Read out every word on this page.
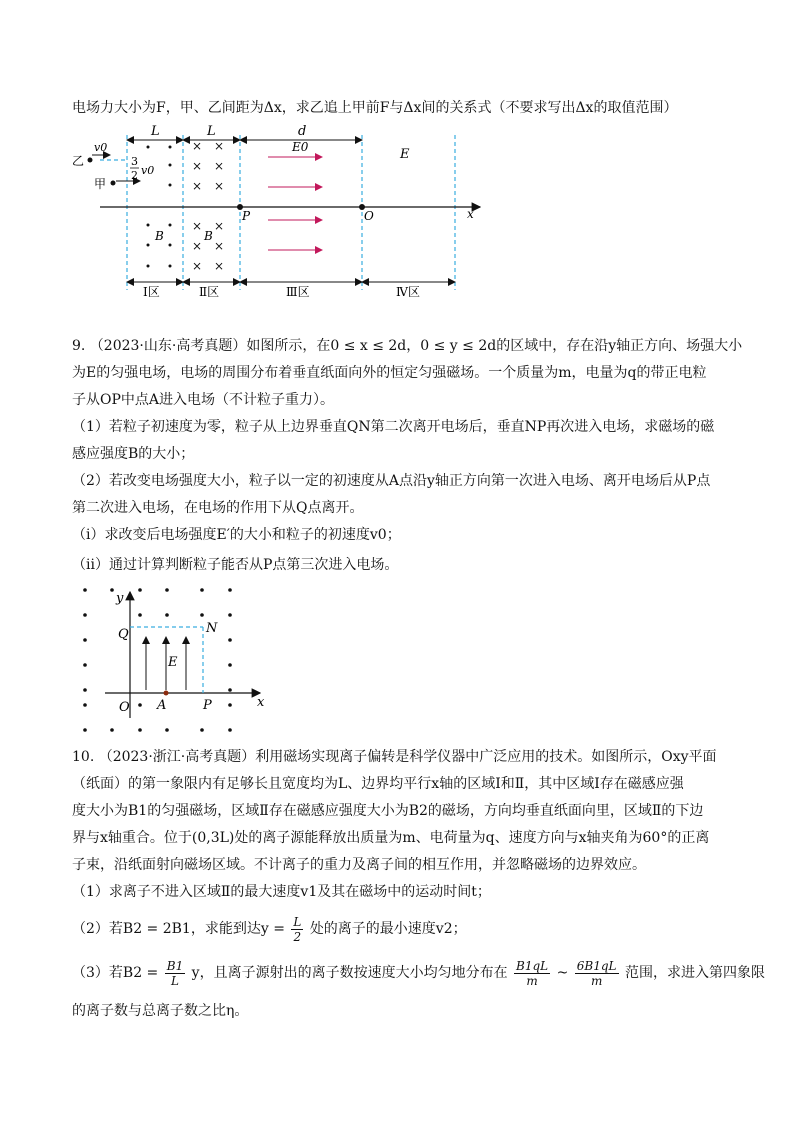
电场力大小为F，甲、乙间距为Δx，求乙追上甲前F与Δx间的关系式（不要求写出Δx的取值范围）
L	L	d
x
P	O
B
× ×
× ×
× ×
× ×
× ×
× ×
B
E0	E
乙
v0
甲
3
2 v0
Ⅰ区	Ⅱ区	Ⅲ区	Ⅳ区
9. （2023·山东·高考真题）如图所示，在0 ≤ x ≤ 2d，0 ≤ y ≤ 2d的区域中，存在沿y轴正方向、场强大小
为E的匀强电场，电场的周围分布着垂直纸面向外的恒定匀强磁场。一个质量为m，电量为q的带正电粒
子从OP中点A进入电场（不计粒子重力）。
（1）若粒子初速度为零，粒子从上边界垂直QN第二次离开电场后，垂直NP再次进入电场，求磁场的磁
感应强度B的大小；
（2）若改变电场强度大小，粒子以一定的初速度从A点沿y轴正方向第一次进入电场、离开电场后从P点
第二次进入电场，在电场的作用下从Q点离开。
（i）求改变后电场强度E′的大小和粒子的初速度v0；
（ii）通过计算判断粒子能否从P点第三次进入电场。
y
x
E
Q	N
O A	P
10. （2023·浙江·高考真题）利用磁场实现离子偏转是科学仪器中广泛应用的技术。如图所示，Oxy平面
（纸面）的第一象限内有足够长且宽度均为L、边界均平行x轴的区域Ⅰ和Ⅱ，其中区域Ⅰ存在磁感应强
度大小为B1的匀强磁场，区域Ⅱ存在磁感应强度大小为B2的磁场，方向均垂直纸面向里，区域Ⅱ的下边
界与x轴重合。位于(0,3L)处的离子源能释放出质量为m、电荷量为q、速度方向与x轴夹角为60°的正离
子束，沿纸面射向磁场区域。不计离子的重力及离子间的相互作用，并忽略磁场的边界效应。
（1）求离子不进入区域Ⅱ的最大速度v1及其在磁场中的运动时间t；
（2）若B2 = 2B1，求能到达$y = \frac{L}{2}$ 处的离子的最小速度v2；
（3）若$B2 = \frac{B1}{L}$ y，且离子源射出的离子数按速度大小均匀地分布在 $\frac{B1qL}{m}$ ~ $\frac{6B1qL}{m}$ 范围，求进入第四象限
的离子数与总离子数之比η。
